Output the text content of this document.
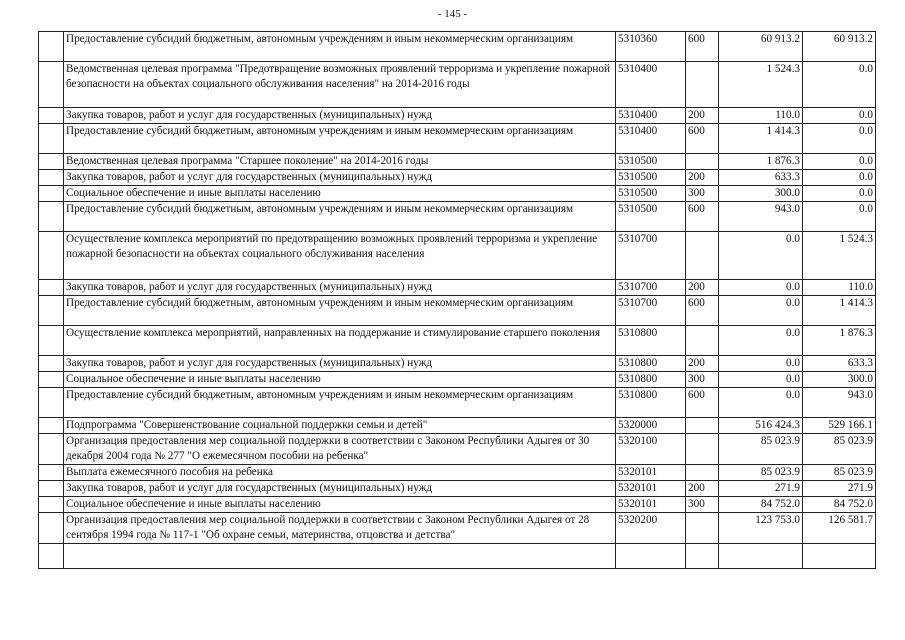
- 145 -
	Предоставление субсидий бюджетным, автономным учреждениям и иным некоммерческим организациям	5310360	600	60 913.2	60 913.2
	Ведомственная целевая программа "Предотвращение возможных проявлений терроризма и укрепление пожарной безопасности на объектах социального обслуживания населения" на 2014-2016 годы	5310400		1 524.3	0.0
	Закупка товаров, работ и услуг для государственных (муниципальных) нужд	5310400	200	110.0	0.0
	Предоставление субсидий бюджетным, автономным учреждениям и иным некоммерческим организациям	5310400	600	1 414.3	0.0
	Ведомственная целевая программа "Старшее поколение" на 2014-2016 годы	5310500		1 876.3	0.0
	Закупка товаров, работ и услуг для государственных (муниципальных) нужд	5310500	200	633.3	0.0
	Социальное обеспечение и иные выплаты населению	5310500	300	300.0	0.0
	Предоставление субсидий бюджетным, автономным учреждениям и иным некоммерческим организациям	5310500	600	943.0	0.0
	Осуществление комплекса мероприятий по предотвращению возможных проявлений терроризма и укрепление пожарной безопасности на объектах социального обслуживания населения	5310700		0.0	1 524.3
	Закупка товаров, работ и услуг для государственных (муниципальных) нужд	5310700	200	0.0	110.0
	Предоставление субсидий бюджетным, автономным учреждениям и иным некоммерческим организациям	5310700	600	0.0	1 414.3
	Осуществление комплекса мероприятий, направленных на поддержание и стимулирование старшего поколения	5310800		0.0	1 876.3
	Закупка товаров, работ и услуг для государственных (муниципальных) нужд	5310800	200	0.0	633.3
	Социальное обеспечение и иные выплаты населению	5310800	300	0.0	300.0
	Предоставление субсидий бюджетным, автономным учреждениям и иным некоммерческим организациям	5310800	600	0.0	943.0
	Подпрограмма "Совершенствование социальной поддержки семьи и детей"	5320000		516 424.3	529 166.1
	Организация предоставления мер социальной поддержки в соответствии с Законом Республики Адыгея от 30 декабря 2004 года № 277 "О ежемесячном пособии на ребенка"	5320100		85 023.9	85 023.9
	Выплата ежемесячного пособия на ребенка	5320101		85 023.9	85 023.9
	Закупка товаров, работ и услуг для государственных (муниципальных) нужд	5320101	200	271.9	271.9
	Социальное обеспечение и иные выплаты населению	5320101	300	84 752.0	84 752.0
	Организация предоставления мер социальной поддержки в соответствии с Законом Республики Адыгея от 28 сентября 1994 года № 117-1 "Об охране семьи, материнства, отцовства и детства"	5320200		123 753.0	126 581.7
